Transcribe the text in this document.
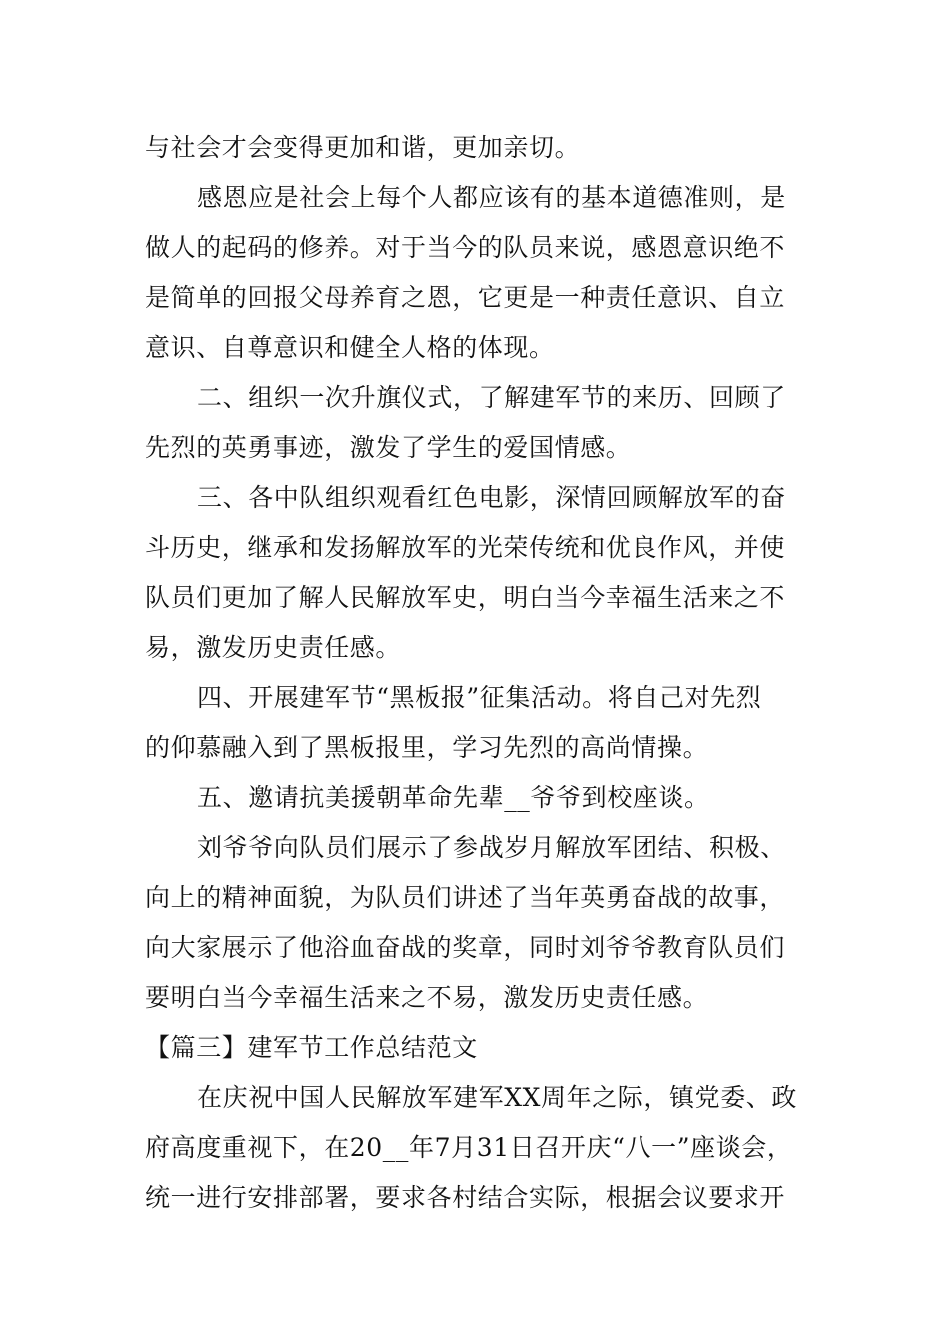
与社会才会变得更加和谐，更加亲切。
感恩应是社会上每个人都应该有的基本道德准则，是
做人的起码的修养。对于当今的队员来说，感恩意识绝不
是简单的回报父母养育之恩，它更是一种责任意识、自立
意识、自尊意识和健全人格的体现。
二、组织一次升旗仪式，了解建军节的来历、回顾了
先烈的英勇事迹，激发了学生的爱国情感。
三、各中队组织观看红色电影，深情回顾解放军的奋
斗历史，继承和发扬解放军的光荣传统和优良作风，并使
队员们更加了解人民解放军史，明白当今幸福生活来之不
易，激发历史责任感。
四、开展建军节“黑板报”征集活动。将自己对先烈
的仰慕融入到了黑板报里，学习先烈的高尚情操。
五、邀请抗美援朝革命先辈__爷爷到校座谈。
刘爷爷向队员们展示了参战岁月解放军团结、积极、
向上的精神面貌，为队员们讲述了当年英勇奋战的故事，
向大家展示了他浴血奋战的奖章，同时刘爷爷教育队员们
要明白当今幸福生活来之不易，激发历史责任感。
【篇三】建军节工作总结范文
在庆祝中国人民解放军建军XX周年之际，镇党委、政
府高度重视下，在20__年7月31日召开庆“八一”座谈会，
统一进行安排部署，要求各村结合实际，根据会议要求开
